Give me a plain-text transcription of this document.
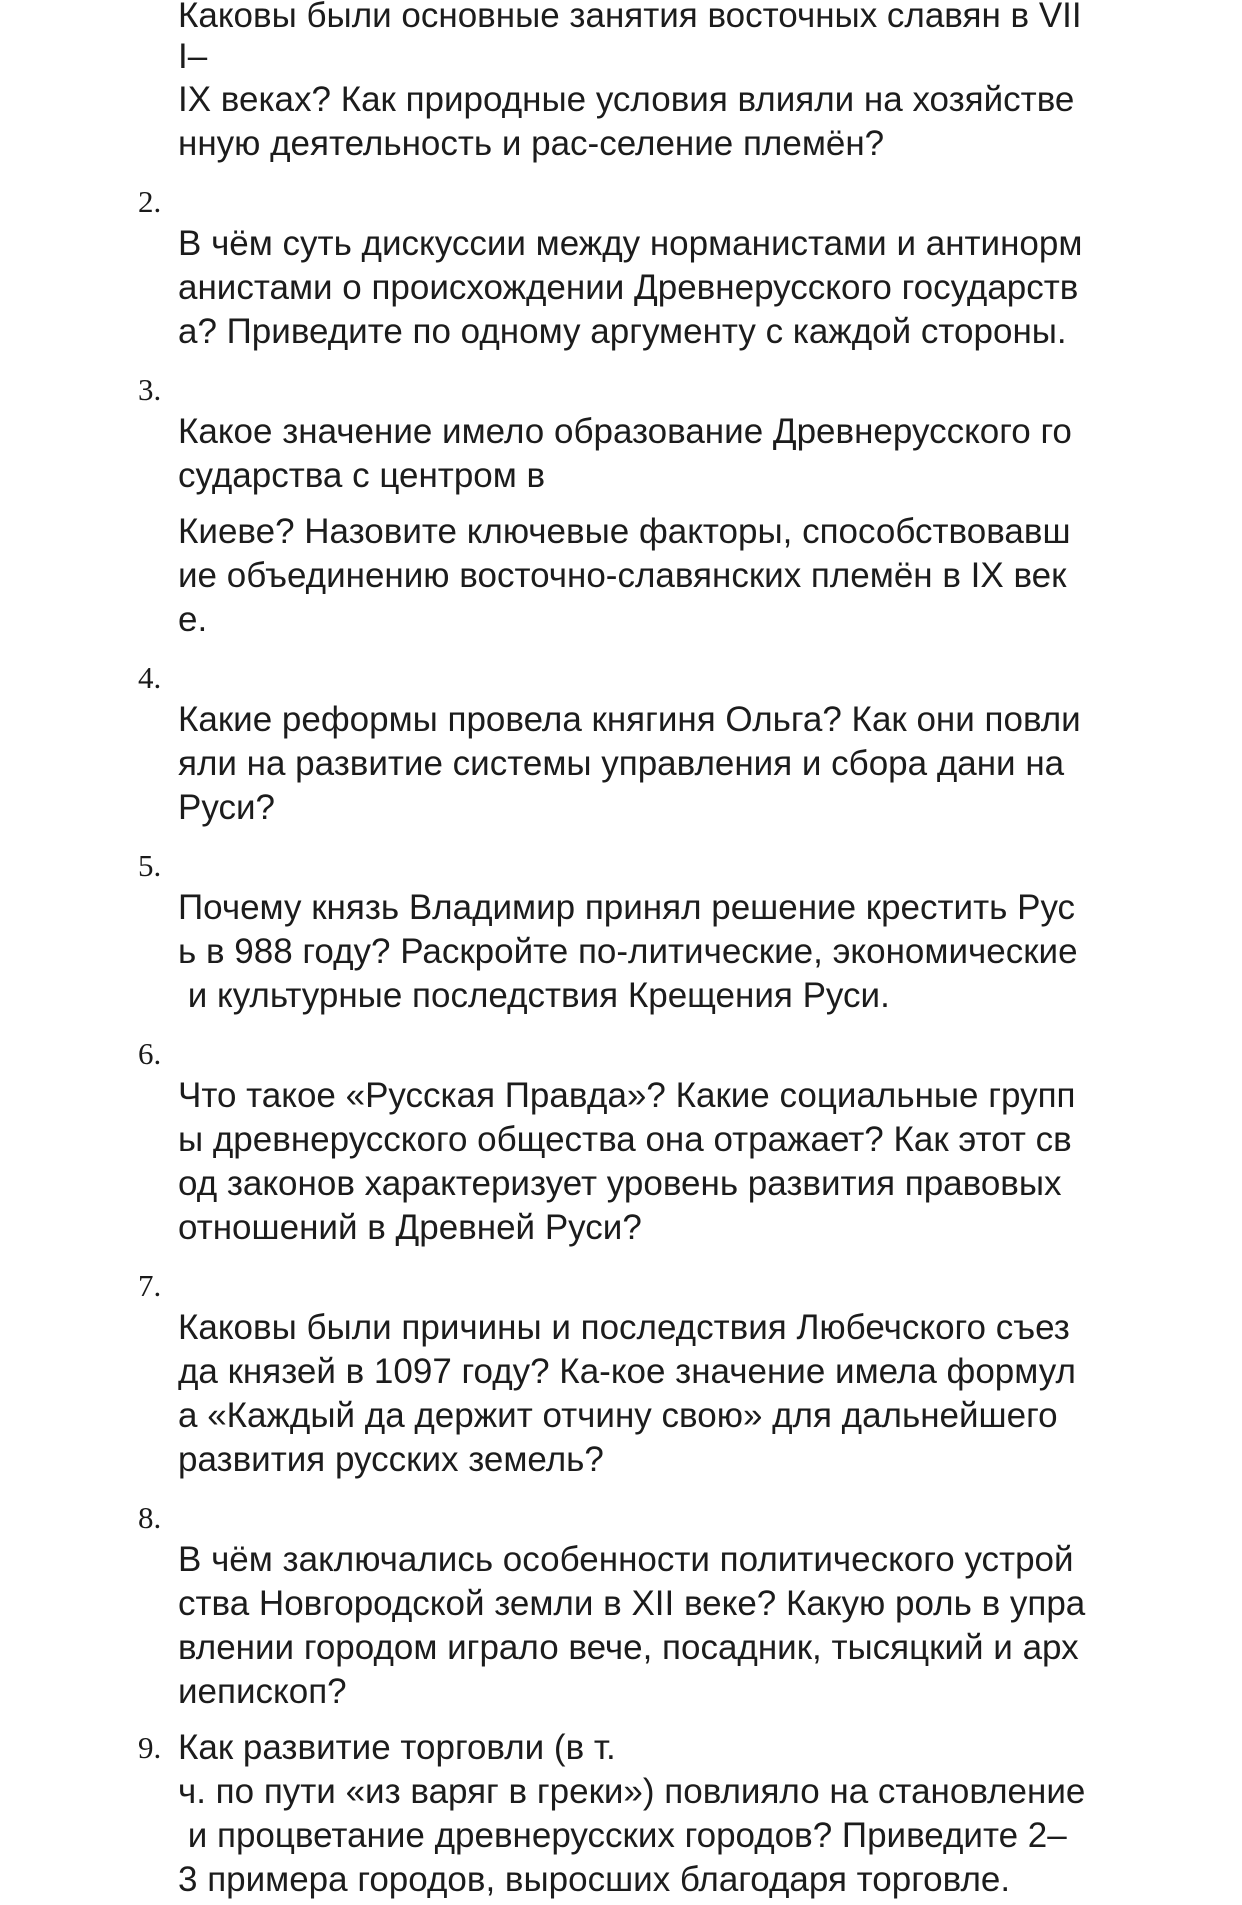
Каковы были основные занятия восточных славян в VII
I–
IX веках? Как природные условия влияли на хозяйстве
нную деятельность и рас-селение племён?
2.
В чём суть дискуссии между норманистами и антинорм
анистами о происхождении Древнерусского государств
а? Приведите по одному аргументу с каждой стороны.
3.
Какое значение имело образование Древнерусского го
сударства с центром в
Киеве? Назовите ключевые факторы, способствовавш
ие объединению восточно-славянских племён в IX век
е.
4.
Какие реформы провела княгиня Ольга? Как они повли
яли на развитие системы управления и сбора дани на
Руси?
5.
Почему князь Владимир принял решение крестить Рус
ь в 988 году? Раскройте по-литические, экономические
и культурные последствия Крещения Руси.
6.
Что такое «Русская Правда»? Какие социальные групп
ы древнерусского общества она отражает? Как этот св
од законов характеризует уровень развития правовых
отношений в Древней Руси?
7.
Каковы были причины и последствия Любечского съез
да князей в 1097 году? Ка-кое значение имела формул
а «Каждый да держит отчину свою» для дальнейшего
развития русских земель?
8.
В чём заключались особенности политического устрой
ства Новгородской земли в XII веке? Какую роль в упра
влении городом играло вече, посадник, тысяцкий и арх
иепископ?
9. Как развитие торговли (в т.
ч. по пути «из варяг в греки») повлияло на становление
и процветание древнерусских городов? Приведите 2–
3 примера городов, выросших благодаря торговле.
